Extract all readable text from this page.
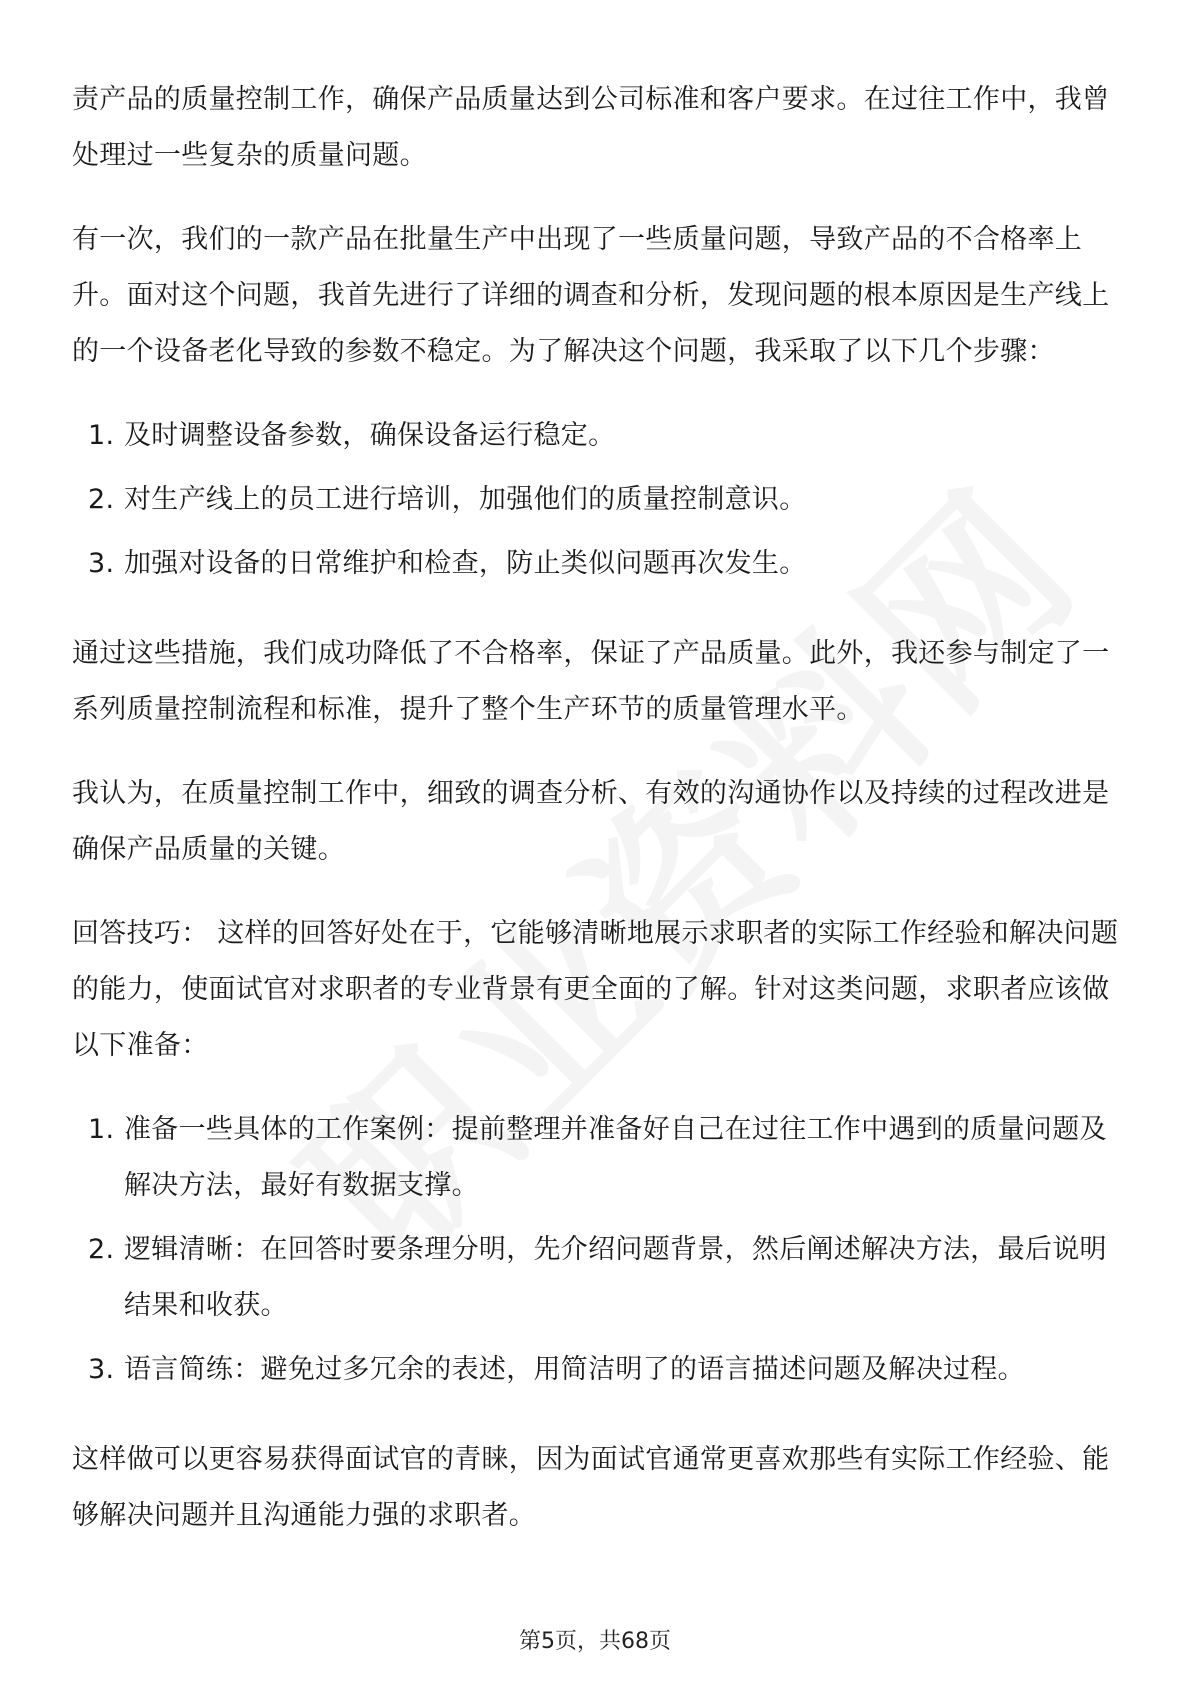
责产品的质量控制工作，确保产品质量达到公司标准和客户要求。在过往工作中，我曾处理过一些复杂的质量问题。

有一次，我们的一款产品在批量生产中出现了一些质量问题，导致产品的不合格率上升。面对这个问题，我首先进行了详细的调查和分析，发现问题的根本原因是生产线上的一个设备老化导致的参数不稳定。为了解决这个问题，我采取了以下几个步骤：

1. 及时调整设备参数，确保设备运行稳定。
2. 对生产线上的员工进行培训，加强他们的质量控制意识。
3. 加强对设备的日常维护和检查，防止类似问题再次发生。

通过这些措施，我们成功降低了不合格率，保证了产品质量。此外，我还参与制定了一系列质量控制流程和标准，提升了整个生产环节的质量管理水平。

我认为，在质量控制工作中，细致的调查分析、有效的沟通协作以及持续的过程改进是确保产品质量的关键。

回答技巧： 这样的回答好处在于，它能够清晰地展示求职者的实际工作经验和解决问题的能力，使面试官对求职者的专业背景有更全面的了解。针对这类问题，求职者应该做以下准备：

1. 准备一些具体的工作案例：提前整理并准备好自己在过往工作中遇到的质量问题及解决方法，最好有数据支撑。
2. 逻辑清晰：在回答时要条理分明，先介绍问题背景，然后阐述解决方法，最后说明结果和收获。
3. 语言简练：避免过多冗余的表述，用简洁明了的语言描述问题及解决过程。

这样做可以更容易获得面试官的青睐，因为面试官通常更喜欢那些有实际工作经验、能够解决问题并且沟通能力强的求职者。

第5页，共68页
